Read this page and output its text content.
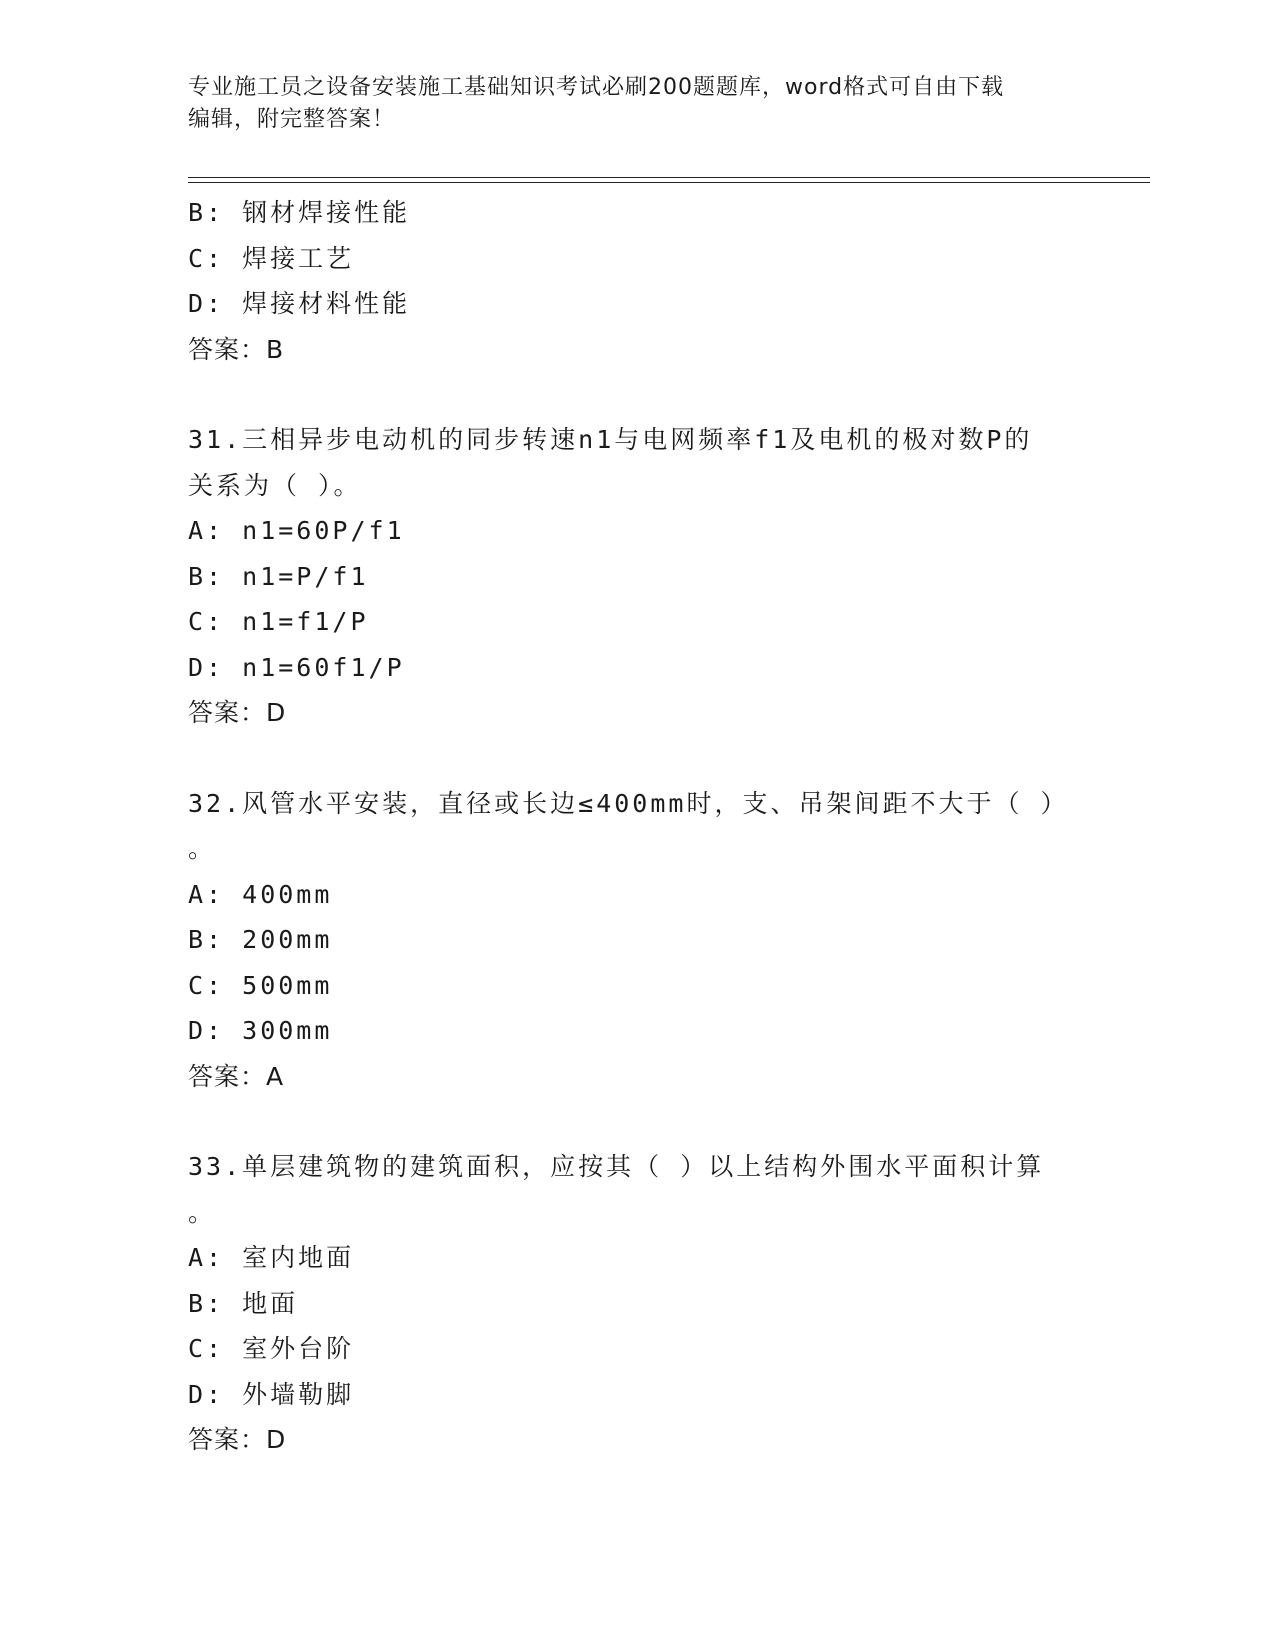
专业施工员之设备安装施工基础知识考试必刷200题题库，word格式可自由下载
编辑，附完整答案！
B: 钢材焊接性能
C: 焊接工艺
D: 焊接材料性能
答案：B
31.三相异步电动机的同步转速n1与电网频率f1及电机的极对数P的
关系为（ ）。
A: n1=60P/f1
B: n1=P/f1
C: n1=f1/P
D: n1=60f1/P
答案：D
32.风管水平安装，直径或长边≤400mm时，支、吊架间距不大于（ ）
。
A: 400mm
B: 200mm
C: 500mm
D: 300mm
答案：A
33.单层建筑物的建筑面积，应按其（ ）以上结构外围水平面积计算
。
A: 室内地面
B: 地面
C: 室外台阶
D: 外墙勒脚
答案：D
